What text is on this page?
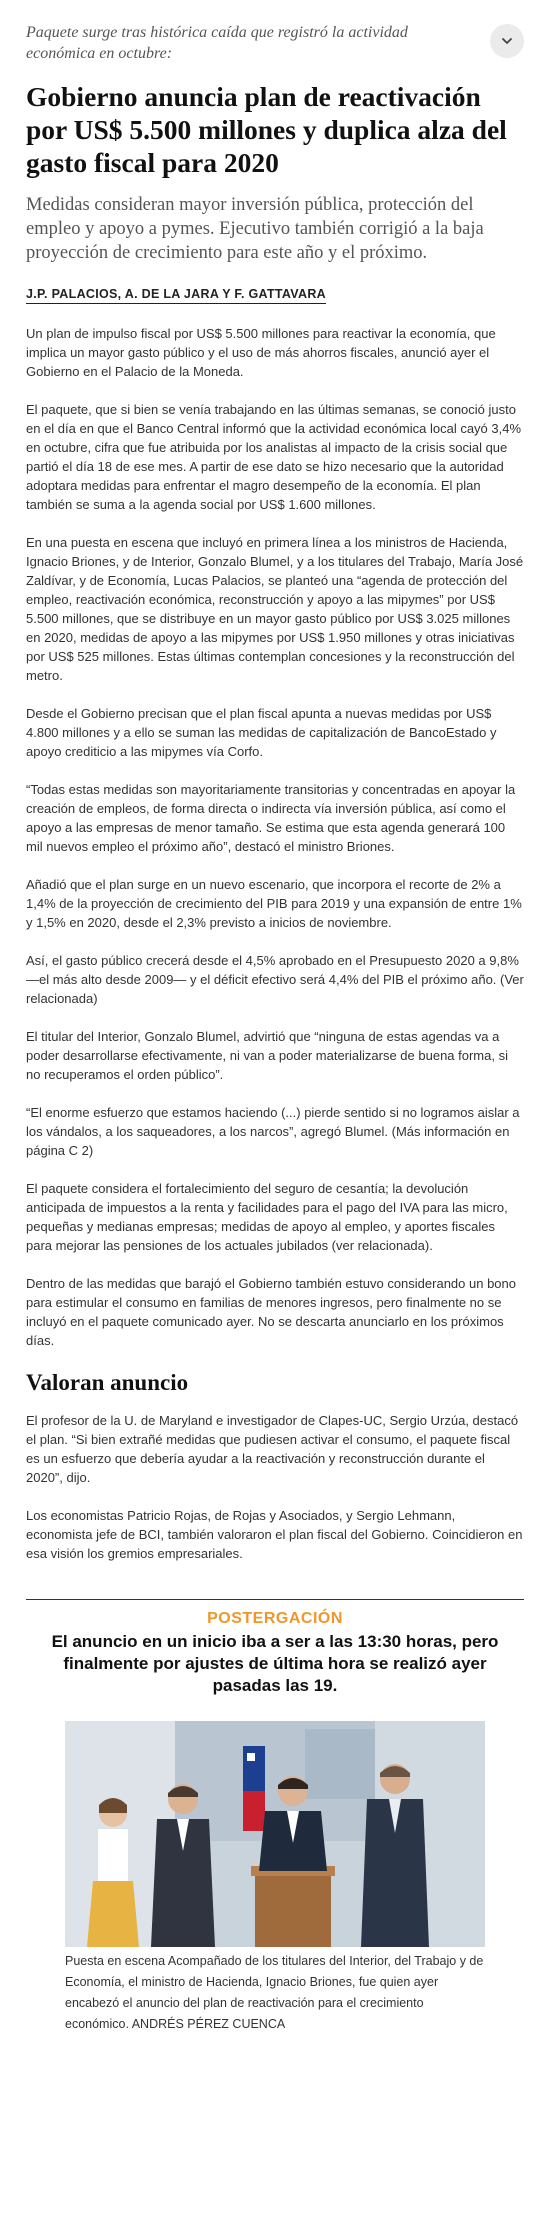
Paquete surge tras histórica caída que registró la actividad económica en octubre:

Gobierno anuncia plan de reactivación por US$ 5.500 millones y duplica alza del gasto fiscal para 2020

Medidas consideran mayor inversión pública, protección del empleo y apoyo a pymes. Ejecutivo también corrigió a la baja proyección de crecimiento para este año y el próximo.

J.P. PALACIOS, A. DE LA JARA Y F. GATTAVARA

Un plan de impulso fiscal por US$ 5.500 millones para reactivar la economía, que implica un mayor gasto público y el uso de más ahorros fiscales, anunció ayer el Gobierno en el Palacio de la Moneda.

El paquete, que si bien se venía trabajando en las últimas semanas, se conoció justo en el día en que el Banco Central informó que la actividad económica local cayó 3,4% en octubre, cifra que fue atribuida por los analistas al impacto de la crisis social que partió el día 18 de ese mes. A partir de ese dato se hizo necesario que la autoridad adoptara medidas para enfrentar el magro desempeño de la economía. El plan también se suma a la agenda social por US$ 1.600 millones.

En una puesta en escena que incluyó en primera línea a los ministros de Hacienda, Ignacio Briones, y de Interior, Gonzalo Blumel, y a los titulares del Trabajo, María José Zaldívar, y de Economía, Lucas Palacios, se planteó una “agenda de protección del empleo, reactivación económica, reconstrucción y apoyo a las mipymes” por US$ 5.500 millones, que se distribuye en un mayor gasto público por US$ 3.025 millones en 2020, medidas de apoyo a las mipymes por US$ 1.950 millones y otras iniciativas por US$ 525 millones. Estas últimas contemplan concesiones y la reconstrucción del metro.

Desde el Gobierno precisan que el plan fiscal apunta a nuevas medidas por US$ 4.800 millones y a ello se suman las medidas de capitalización de BancoEstado y apoyo crediticio a las mipymes vía Corfo.

“Todas estas medidas son mayoritariamente transitorias y concentradas en apoyar la creación de empleos, de forma directa o indirecta vía inversión pública, así como el apoyo a las empresas de menor tamaño. Se estima que esta agenda generará 100 mil nuevos empleo el próximo año”, destacó el ministro Briones.

Añadió que el plan surge en un nuevo escenario, que incorpora el recorte de 2% a 1,4% de la proyección de crecimiento del PIB para 2019 y una expansión de entre 1% y 1,5% en 2020, desde el 2,3% previsto a inicios de noviembre.

Así, el gasto público crecerá desde el 4,5% aprobado en el Presupuesto 2020 a 9,8% —el más alto desde 2009— y el déficit efectivo será 4,4% del PIB el próximo año. (Ver relacionada)

El titular del Interior, Gonzalo Blumel, advirtió que “ninguna de estas agendas va a poder desarrollarse efectivamente, ni van a poder materializarse de buena forma, si no recuperamos el orden público”.

“El enorme esfuerzo que estamos haciendo (...) pierde sentido si no logramos aislar a los vándalos, a los saqueadores, a los narcos”, agregó Blumel. (Más información en página C 2)

El paquete considera el fortalecimiento del seguro de cesantía; la devolución anticipada de impuestos a la renta y facilidades para el pago del IVA para las micro, pequeñas y medianas empresas; medidas de apoyo al empleo, y aportes fiscales para mejorar las pensiones de los actuales jubilados (ver relacionada).

Dentro de las medidas que barajó el Gobierno también estuvo considerando un bono para estimular el consumo en familias de menores ingresos, pero finalmente no se incluyó en el paquete comunicado ayer. No se descarta anunciarlo en los próximos días.

Valoran anuncio

El profesor de la U. de Maryland e investigador de Clapes-UC, Sergio Urzúa, destacó el plan. “Si bien extrañé medidas que pudiesen activar el consumo, el paquete fiscal es un esfuerzo que debería ayudar a la reactivación y reconstrucción durante el 2020”, dijo.

Los economistas Patricio Rojas, de Rojas y Asociados, y Sergio Lehmann, economista jefe de BCI, también valoraron el plan fiscal del Gobierno. Coincidieron en esa visión los gremios empresariales.

POSTERGACIÓN

El anuncio en un inicio iba a ser a las 13:30 horas, pero finalmente por ajustes de última hora se realizó ayer pasadas las 19.

Puesta en escena Acompañado de los titulares del Interior, del Trabajo y de Economía, el ministro de Hacienda, Ignacio Briones, fue quien ayer encabezó el anuncio del plan de reactivación para el crecimiento económico. ANDRÉS PÉREZ CUENCA
